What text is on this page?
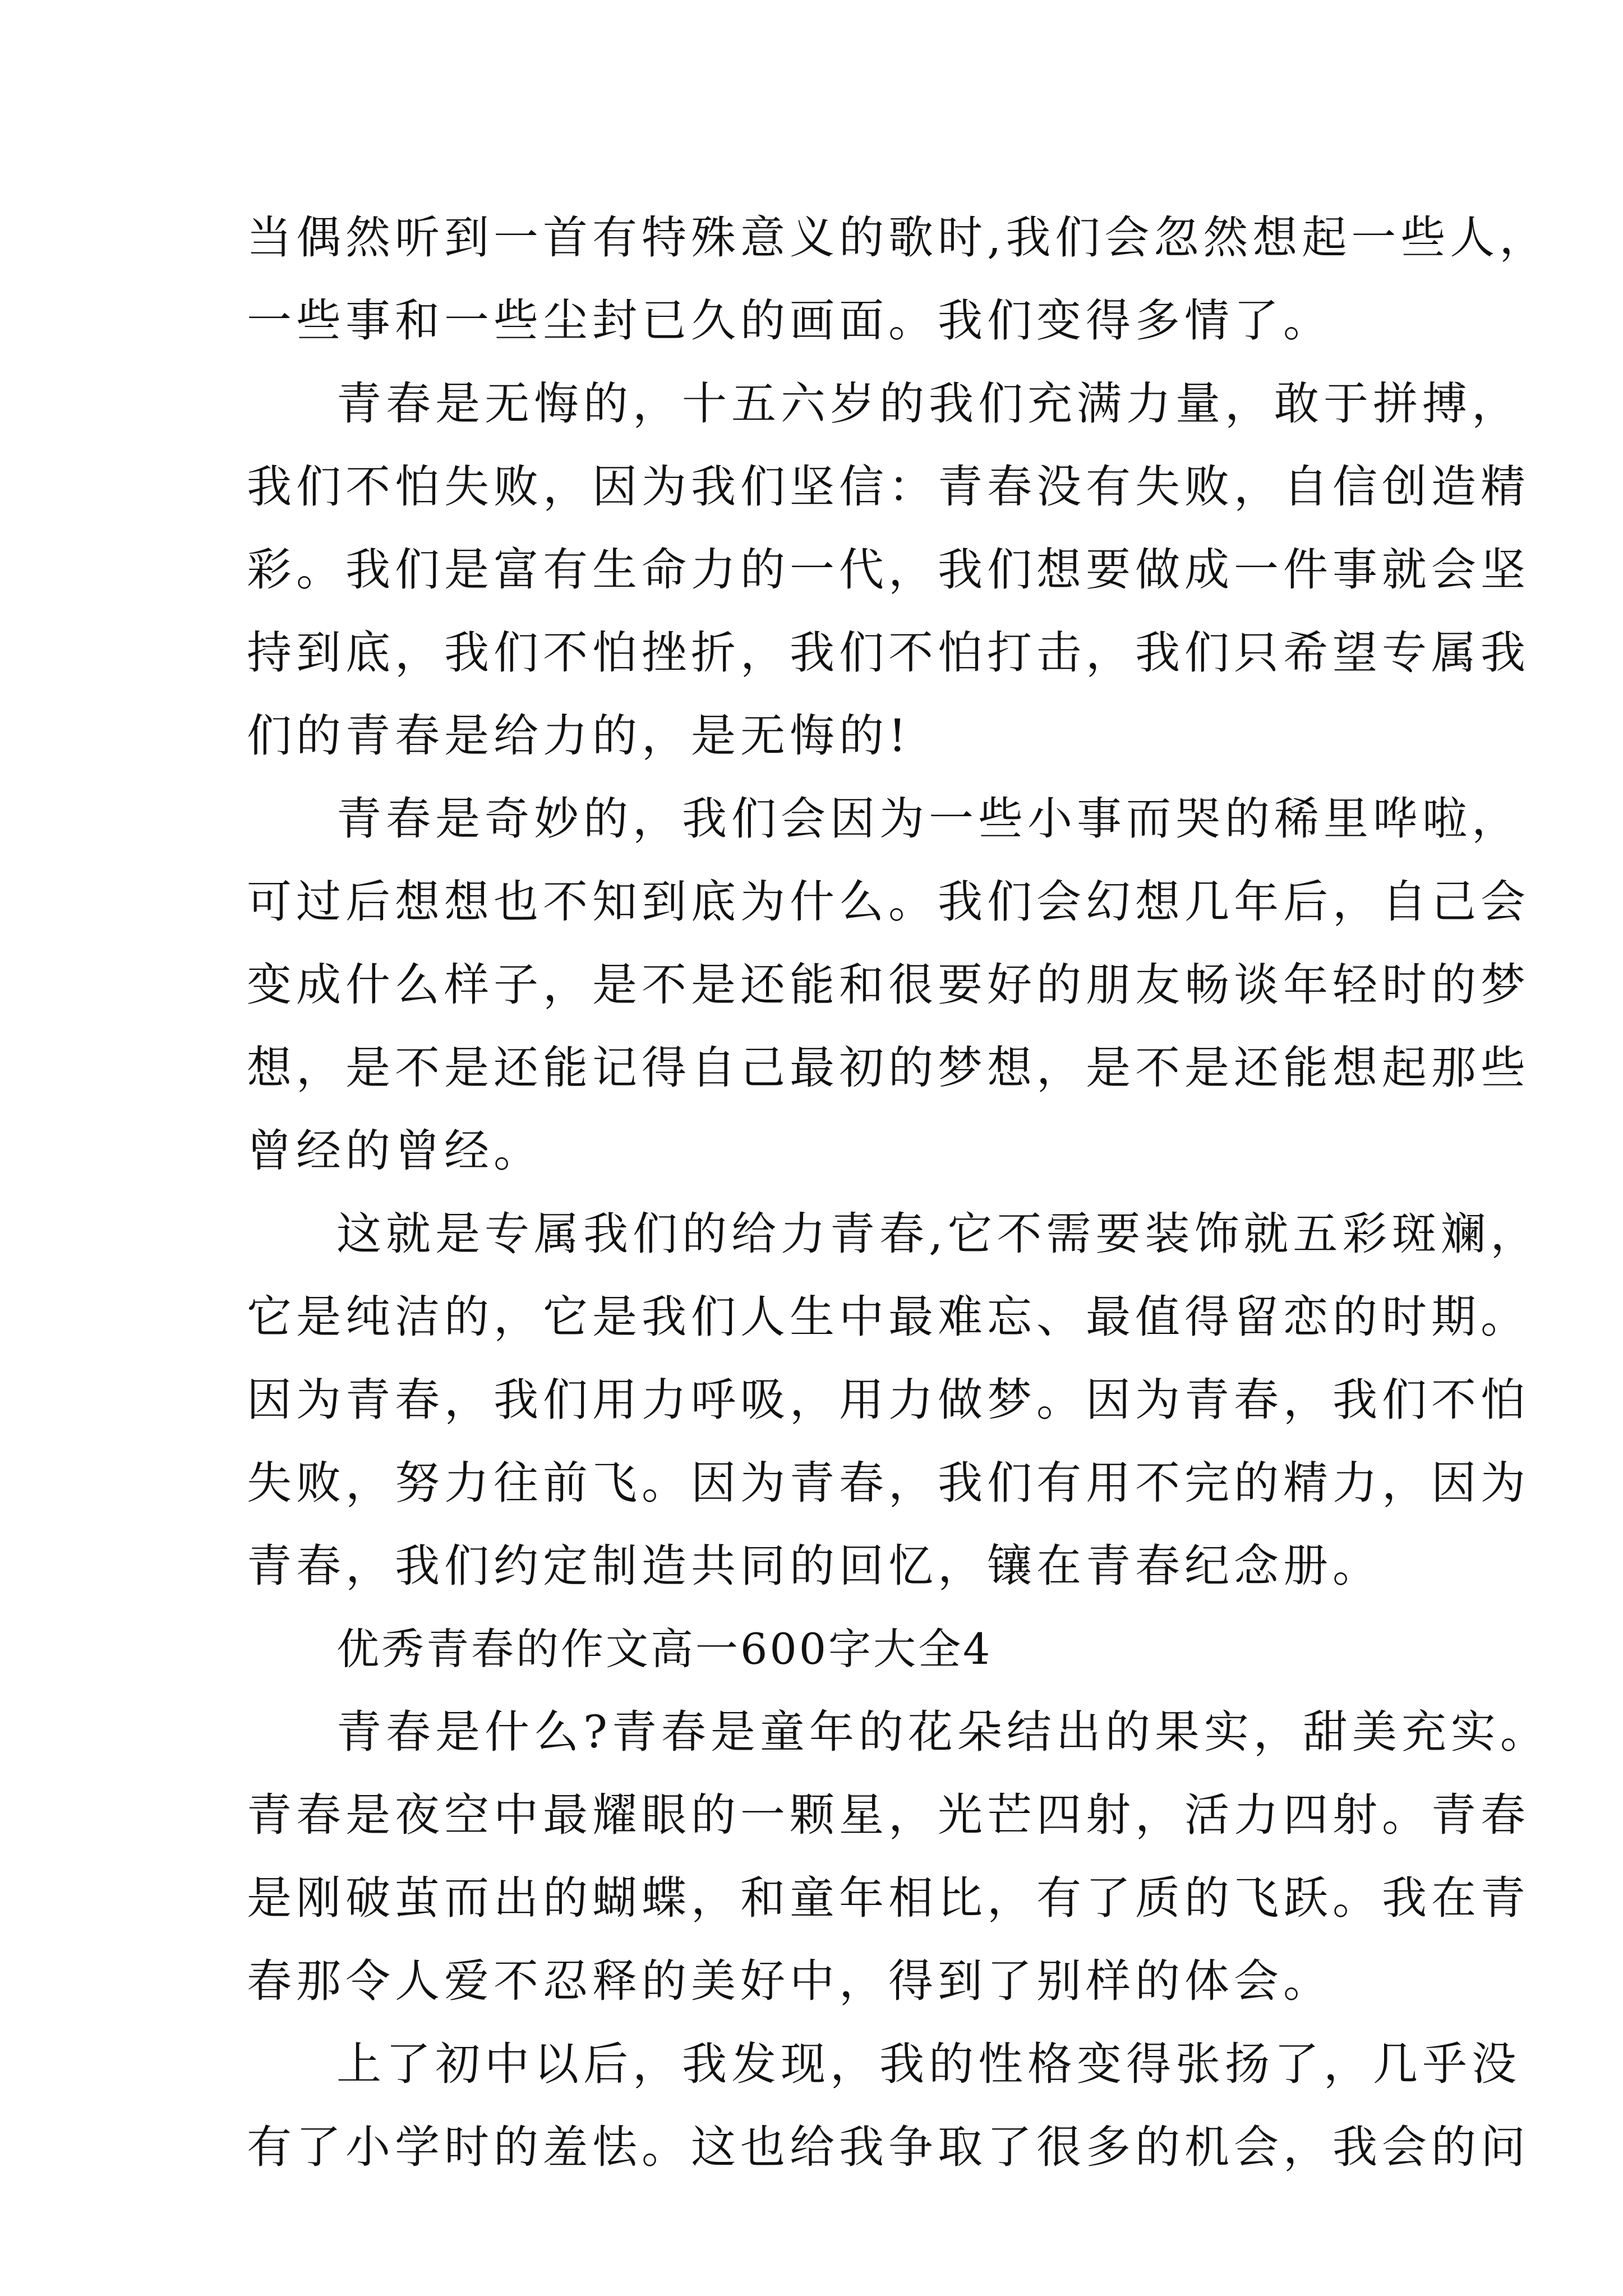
当偶然听到一首有特殊意义的歌时,我们会忽然想起一些人，
一些事和一些尘封已久的画面。我们变得多情了。
青春是无悔的，十五六岁的我们充满力量，敢于拼搏，
我们不怕失败，因为我们坚信：青春没有失败，自信创造精
彩。我们是富有生命力的一代，我们想要做成一件事就会坚
持到底，我们不怕挫折，我们不怕打击，我们只希望专属我
们的青春是给力的，是无悔的!
青春是奇妙的，我们会因为一些小事而哭的稀里哗啦，
可过后想想也不知到底为什么。我们会幻想几年后，自己会
变成什么样子，是不是还能和很要好的朋友畅谈年轻时的梦
想，是不是还能记得自己最初的梦想，是不是还能想起那些
曾经的曾经。
这就是专属我们的给力青春,它不需要装饰就五彩斑斓，
它是纯洁的，它是我们人生中最难忘、最值得留恋的时期。
因为青春，我们用力呼吸，用力做梦。因为青春，我们不怕
失败，努力往前飞。因为青春，我们有用不完的精力，因为
青春，我们约定制造共同的回忆，镶在青春纪念册。
优秀青春的作文高一600字大全4
青春是什么?青春是童年的花朵结出的果实，甜美充实。
青春是夜空中最耀眼的一颗星，光芒四射，活力四射。青春
是刚破茧而出的蝴蝶，和童年相比，有了质的飞跃。我在青
春那令人爱不忍释的美好中，得到了别样的体会。
上了初中以后，我发现，我的性格变得张扬了，几乎没
有了小学时的羞怯。这也给我争取了很多的机会，我会的问
